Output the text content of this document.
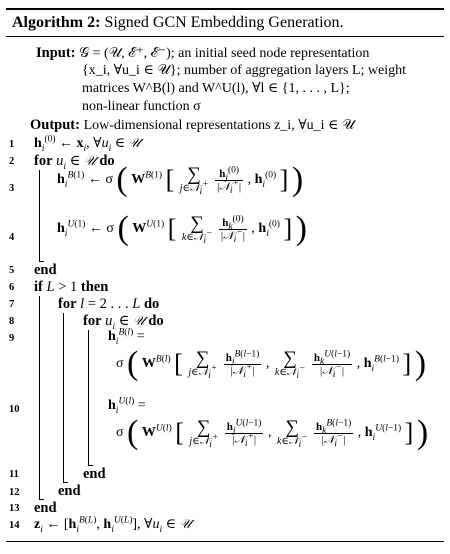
Algorithm 2: Signed GCN Embedding Generation.
Input: 𝒢 = (𝒰, ℰ⁺, ℰ⁻); an initial seed node representation
{x_i, ∀u_i ∈ 𝒰}; number of aggregation layers L; weight
matrices W^B(l) and W^U(l), ∀l ∈ {1, . . . , L};
non-linear function σ
Output: Low-dimensional representations z_i, ∀u_i ∈ 𝒰
1
2
3
4
5
6
7
8
9
10
11
12
13
14
$h_i^{(0)}$ ← $x_i$, $\forall u_i$ ∈ 𝒰
for $u_i$ ∈ 𝒰 do
$h_i^{B(1)}$ ← σ ( $W^{B(1)}$ [ ∑
j∈𝒩$_i$+
$\frac{h_j^{(0)}}{|𝒩_i^+|}$ , $h_i^{(0)}$ ] )
$h_i^{U(1)}$ ← σ ( $W^{U(1)}$ [ ∑
k∈𝒩$_i$−
$\frac{h_k^{(0)}}{|𝒩_i^-|}$ , $h_i^{(0)}$ ] )
end
if L > 1 then
for l = 2 . . . L do
for $u_i$ ∈ 𝒰 do
$h_i^{B(l)}$ =
σ ( $W^{B(l)}$ [ ∑
j∈𝒩$_i$+
$\frac{h_j^{B(l-1)}}{|𝒩_i^+|}$ , ∑
k∈𝒩$_i$−
$\frac{h_k^{U(l-1)}}{|𝒩_i^-|}$ , $h_i^{B(l-1)}$ ] )
$h_i^{U(l)}$ =
σ ( $W^{U(l)}$ [ ∑
j∈𝒩$_i$+
$\frac{h_j^{U(l-1)}}{|𝒩_i^+|}$ , ∑
k∈𝒩$_i$−
$\frac{h_k^{B(l-1)}}{|𝒩_i^-|}$ , $h_i^{U(l-1)}$ ] )
end
end
end
$z_i$ ← [$h_i^{B(L)}$, $h_i^{U(L)}$], $\forall u_i$ ∈ 𝒰
